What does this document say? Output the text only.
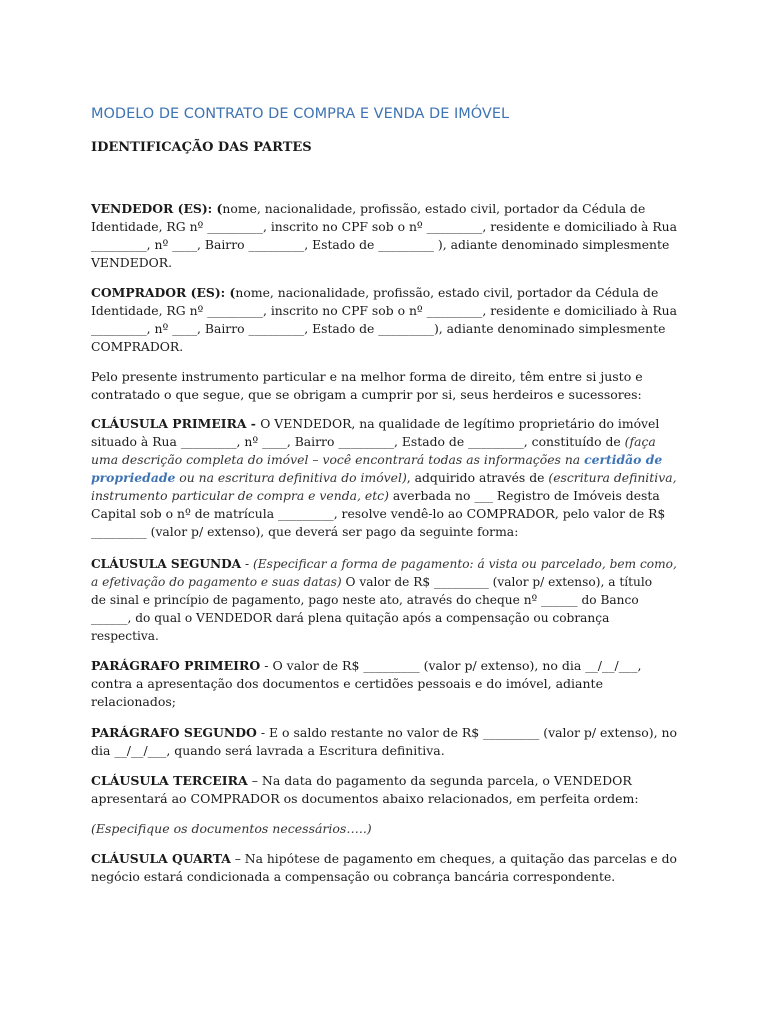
MODELO DE CONTRATO DE COMPRA E VENDA DE IMÓVEL
IDENTIFICAÇÃO DAS PARTES
VENDEDOR (ES): (nome, nacionalidade, profissão, estado civil, portador da Cédula de
Identidade, RG nº _________, inscrito no CPF sob o nº _________, residente e domiciliado à Rua
_________, nº ____, Bairro _________, Estado de _________ ), adiante denominado simplesmente
VENDEDOR.
COMPRADOR (ES): (nome, nacionalidade, profissão, estado civil, portador da Cédula de
Identidade, RG nº _________, inscrito no CPF sob o nº _________, residente e domiciliado à Rua
_________, nº ____, Bairro _________, Estado de _________), adiante denominado simplesmente
COMPRADOR.
Pelo presente instrumento particular e na melhor forma de direito, têm entre si justo e
contratado o que segue, que se obrigam a cumprir por si, seus herdeiros e sucessores:
CLÁUSULA PRIMEIRA - O VENDEDOR, na qualidade de legítimo proprietário do imóvel
situado à Rua _________, nº ____, Bairro _________, Estado de _________, constituído de (faça
uma descrição completa do imóvel – você encontrará todas as informações na certidão de
propriedade ou na escritura definitiva do imóvel), adquirido através de (escritura definitiva,
instrumento particular de compra e venda, etc) averbada no ___ Registro de Imóveis desta
Capital sob o nº de matrícula _________, resolve vendê-lo ao COMPRADOR, pelo valor de R$
_________ (valor p/ extenso), que deverá ser pago da seguinte forma:
CLÁUSULA SEGUNDA - (Especificar a forma de pagamento: á vista ou parcelado, bem como,
a efetivação do pagamento e suas datas) O valor de R$ _________ (valor p/ extenso), a título
de sinal e princípio de pagamento, pago neste ato, através do cheque nº ______ do Banco
______, do qual o VENDEDOR dará plena quitação após a compensação ou cobrança
respectiva.
PARÁGRAFO PRIMEIRO - O valor de R$ _________ (valor p/ extenso), no dia __/__/___,
contra a apresentação dos documentos e certidões pessoais e do imóvel, adiante
relacionados;
PARÁGRAFO SEGUNDO - E o saldo restante no valor de R$ _________ (valor p/ extenso), no
dia __/__/___, quando será lavrada a Escritura definitiva.
CLÁUSULA TERCEIRA – Na data do pagamento da segunda parcela, o VENDEDOR
apresentará ao COMPRADOR os documentos abaixo relacionados, em perfeita ordem:
(Especifique os documentos necessários…..)
CLÁUSULA QUARTA – Na hipótese de pagamento em cheques, a quitação das parcelas e do
negócio estará condicionada a compensação ou cobrança bancária correspondente.
